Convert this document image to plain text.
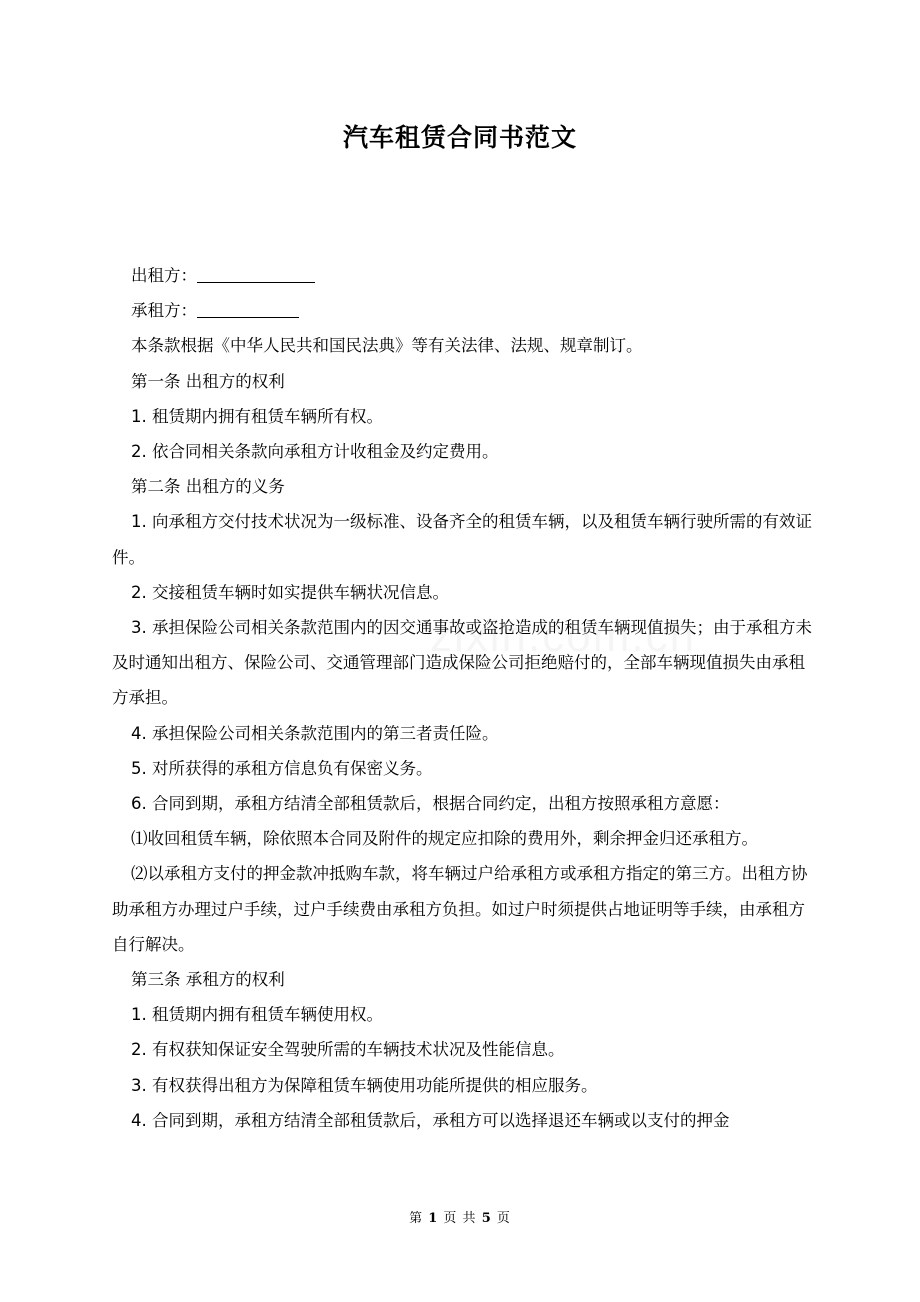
汽车租赁合同书范文

出租方：

承租方：

本条款根据《中华人民共和国民法典》等有关法律、法规、规章制订。

第一条 出租方的权利

1. 租赁期内拥有租赁车辆所有权。

2. 依合同相关条款向承租方计收租金及约定费用。

第二条 出租方的义务

1. 向承租方交付技术状况为一级标准、设备齐全的租赁车辆，以及租赁车辆行驶所需的有效证件。

2. 交接租赁车辆时如实提供车辆状况信息。

3. 承担保险公司相关条款范围内的因交通事故或盗抢造成的租赁车辆现值损失；由于承租方未及时通知出租方、保险公司、交通管理部门造成保险公司拒绝赔付的，全部车辆现值损失由承租方承担。

4. 承担保险公司相关条款范围内的第三者责任险。

5. 对所获得的承租方信息负有保密义务。

6. 合同到期，承租方结清全部租赁款后，根据合同约定，出租方按照承租方意愿：

⑴收回租赁车辆，除依照本合同及附件的规定应扣除的费用外，剩余押金归还承租方。

⑵以承租方支付的押金款冲抵购车款，将车辆过户给承租方或承租方指定的第三方。出租方协助承租方办理过户手续，过户手续费由承租方负担。如过户时须提供占地证明等手续，由承租方自行解决。

第三条 承租方的权利

1. 租赁期内拥有租赁车辆使用权。

2. 有权获知保证安全驾驶所需的车辆技术状况及性能信息。

3. 有权获得出租方为保障租赁车辆使用功能所提供的相应服务。

4. 合同到期，承租方结清全部租赁款后，承租方可以选择退还车辆或以支付的押金

第 1 页 共 5 页
